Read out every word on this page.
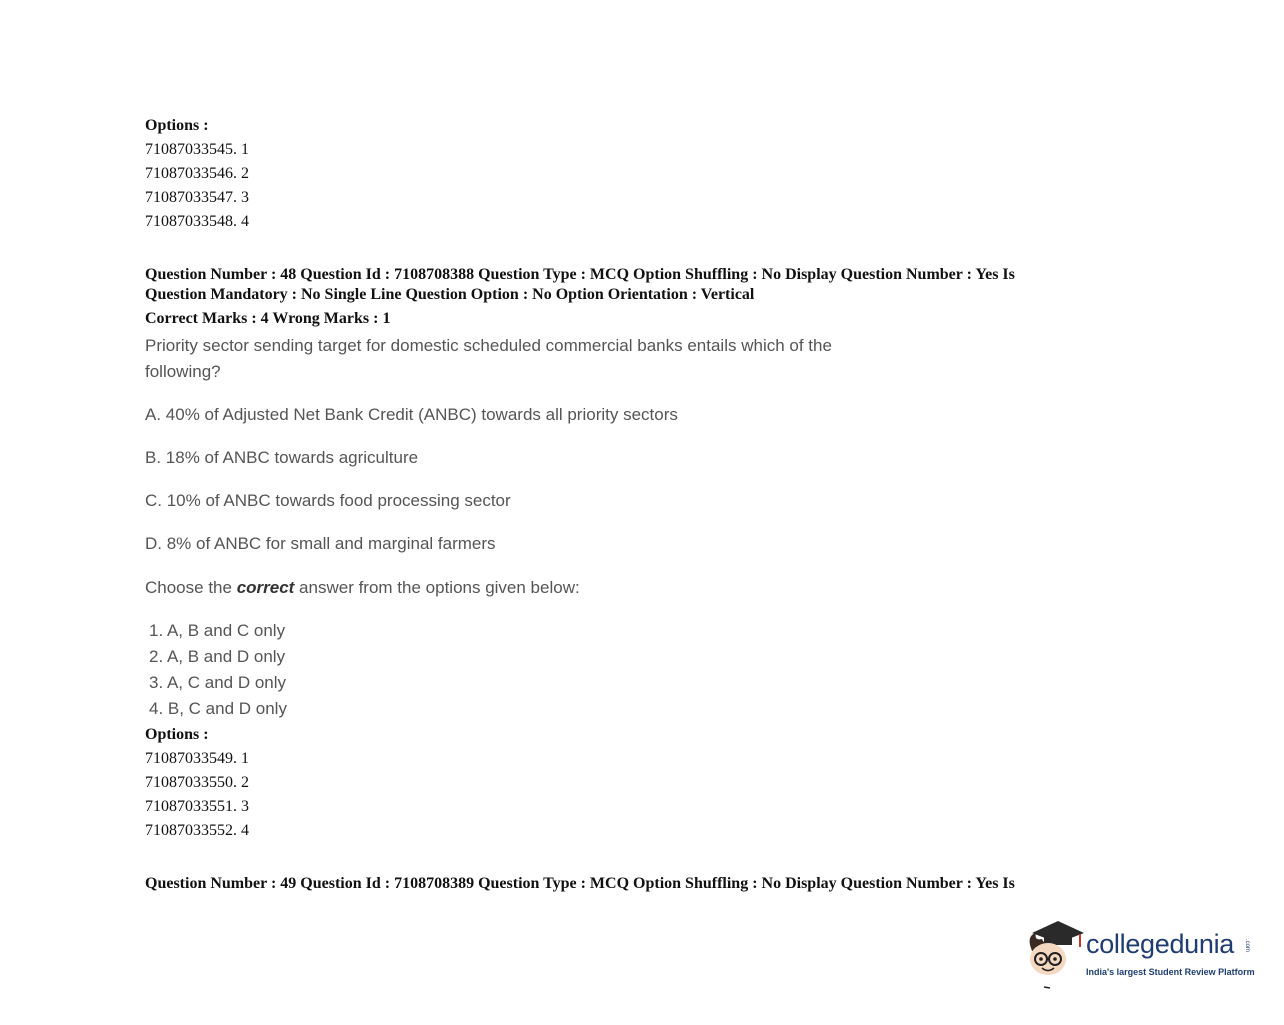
Options :
71087033545. 1
71087033546. 2
71087033547. 3
71087033548. 4
Question Number : 48 Question Id : 7108708388 Question Type : MCQ Option Shuffling : No Display Question Number : Yes Is
Question Mandatory : No Single Line Question Option : No Option Orientation : Vertical
Correct Marks : 4 Wrong Marks : 1
Priority sector sending target for domestic scheduled commercial banks entails which of the
following?
A. 40% of Adjusted Net Bank Credit (ANBC) towards all priority sectors
B. 18% of ANBC towards agriculture
C. 10% of ANBC towards food processing sector
D. 8% of ANBC for small and marginal farmers
Choose the correct answer from the options given below:
1. A, B and C only
2. A, B and D only
3. A, C and D only
4. B, C and D only
Options :
71087033549. 1
71087033550. 2
71087033551. 3
71087033552. 4
Question Number : 49 Question Id : 7108708389 Question Type : MCQ Option Shuffling : No Display Question Number : Yes Is
collegedunia .com
India's largest Student Review Platform
